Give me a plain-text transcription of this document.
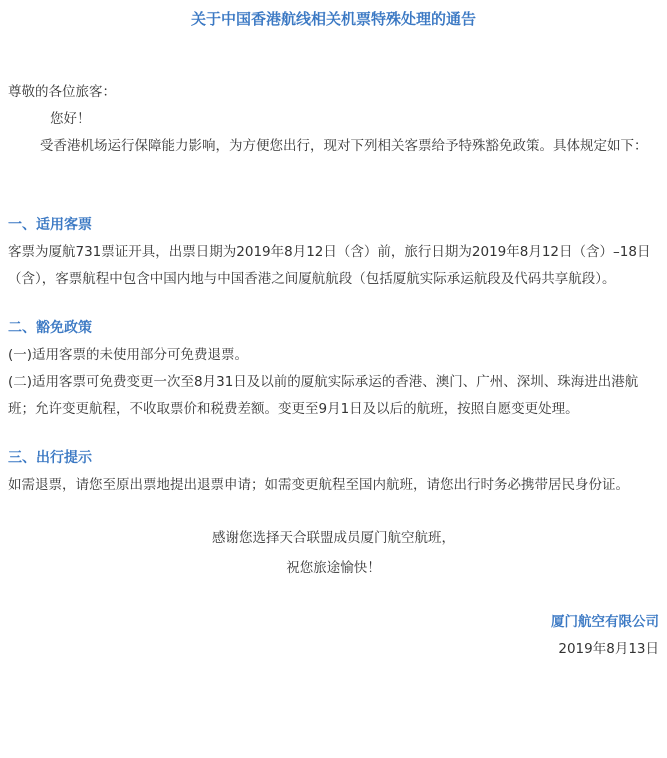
关于中国香港航线相关机票特殊处理的通告
尊敬的各位旅客：
您好！
受香港机场运行保障能力影响，为方便您出行，现对下列相关客票给予特殊豁免政策。具体规定如下：
一、适用客票
客票为厦航731票证开具，出票日期为2019年8月12日（含）前，旅行日期为2019年8月12日（含）–18日（含），客票航程中包含中国内地与中国香港之间厦航航段（包括厦航实际承运航段及代码共享航段）。
二、豁免政策
(一)适用客票的未使用部分可免费退票。
(二)适用客票可免费变更一次至8月31日及以前的厦航实际承运的香港、澳门、广州、深圳、珠海进出港航班；允许变更航程，不收取票价和税费差额。变更至9月1日及以后的航班，按照自愿变更处理。
三、出行提示
如需退票，请您至原出票地提出退票申请；如需变更航程至国内航班，请您出行时务必携带居民身份证。
感谢您选择天合联盟成员厦门航空航班，
祝您旅途愉快！
厦门航空有限公司
2019年8月13日
